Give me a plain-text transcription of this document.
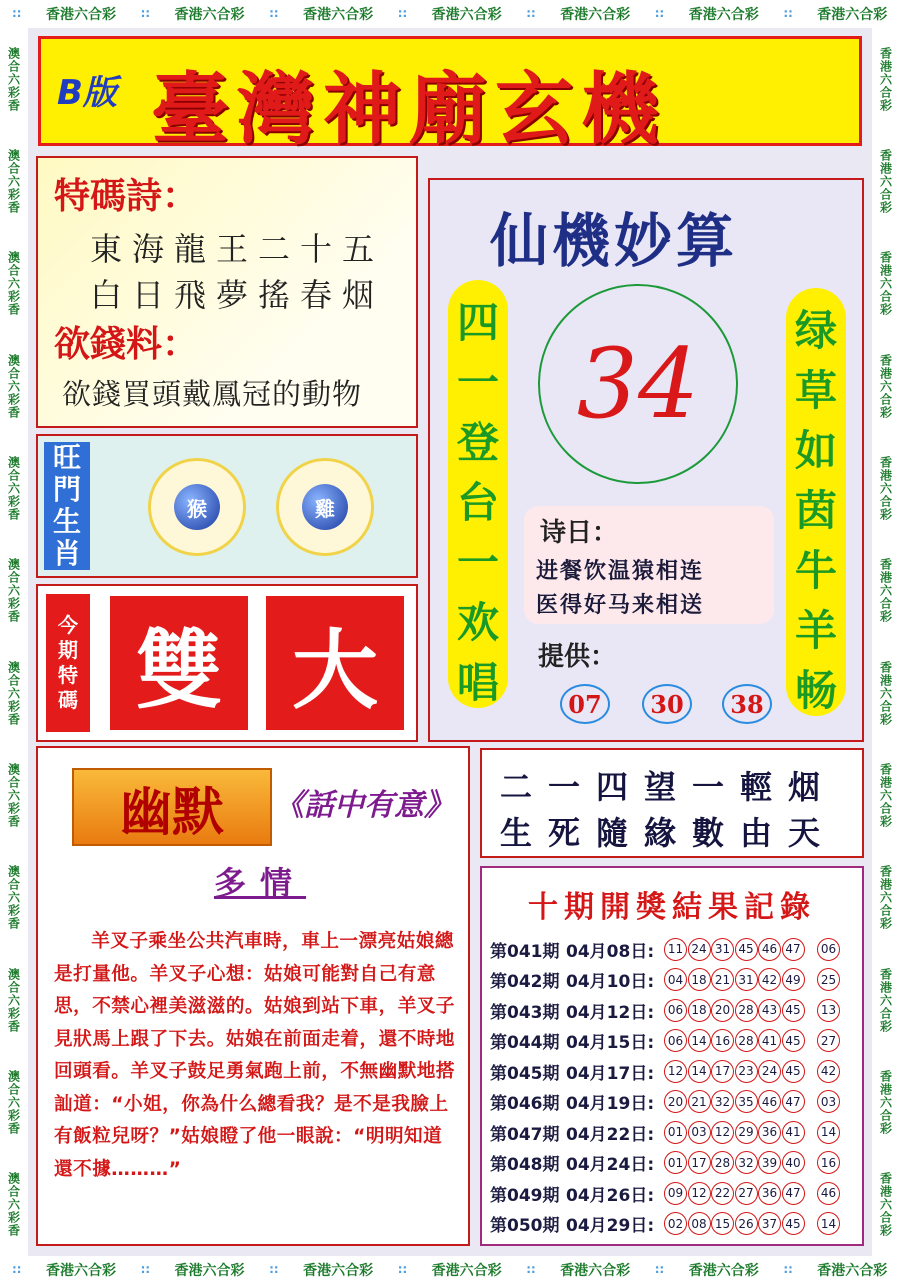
∷ 香港六合彩 ∷ 香港六合彩 ∷ 香港六合彩 ∷ 香港六合彩 ∷ 香港六合彩 ∷ 香港六合彩 ∷ 香港六合彩
∷ 香港六合彩 ∷ 香港六合彩 ∷ 香港六合彩 ∷ 香港六合彩 ∷ 香港六合彩 ∷ 香港六合彩 ∷ 香港六合彩
澳合六彩香
澳合六彩香
澳合六彩香
澳合六彩香
澳合六彩香
澳合六彩香
澳合六彩香
澳合六彩香
澳合六彩香
澳合六彩香
澳合六彩香
澳合六彩香
香港六合彩
香港六合彩
香港六合彩
香港六合彩
香港六合彩
香港六合彩
香港六合彩
香港六合彩
香港六合彩
香港六合彩
香港六合彩
香港六合彩
B版 臺灣神廟玄機
特碼詩：
東海龍王二十五
白日飛夢搖春烟
欲錢料：
欲錢買頭戴鳳冠的動物
旺
門
生
肖
猴	雞
今
期
特
碼 雙 大
仙機妙算
四
一
登
台
一
欢
唱
绿
草
如
茵
牛
羊
畅
34
诗日：
进餐饮温猿相连
医得好马来相送
提供：
07	30	38
幽默	《話中有意》
多情
羊叉子乘坐公共汽車時，車上一漂亮姑娘總是打量他。羊叉子心想：姑娘可能對自己有意思，不禁心裡美滋滋的。姑娘到站下車，羊叉子見狀馬上跟了下去。姑娘在前面走着，還不時地回頭看。羊叉子鼓足勇氣跑上前，不無幽默地搭訕道：“小姐，你為什么總看我？是不是我臉上有飯粒兒呀？”姑娘瞪了他一眼說：“明明知道還不據………”
二一四望一輕烟
生死隨緣數由天
十期開獎結果記錄
第041期 04月08日:	11 24 31 45 46 47	06
第042期 04月10日:	04 18 21 31 42 49	25
第043期 04月12日:	06 18 20 28 43 45	13
第044期 04月15日:	06 14 16 28 41 45	27
第045期 04月17日:	12 14 17 23 24 45	42
第046期 04月19日:	20 21 32 35 46 47	03
第047期 04月22日:	01 03 12 29 36 41	14
第048期 04月24日:	01 17 28 32 39 40	16
第049期 04月26日:	09 12 22 27 36 47	46
第050期 04月29日:	02 08 15 26 37 45	14
